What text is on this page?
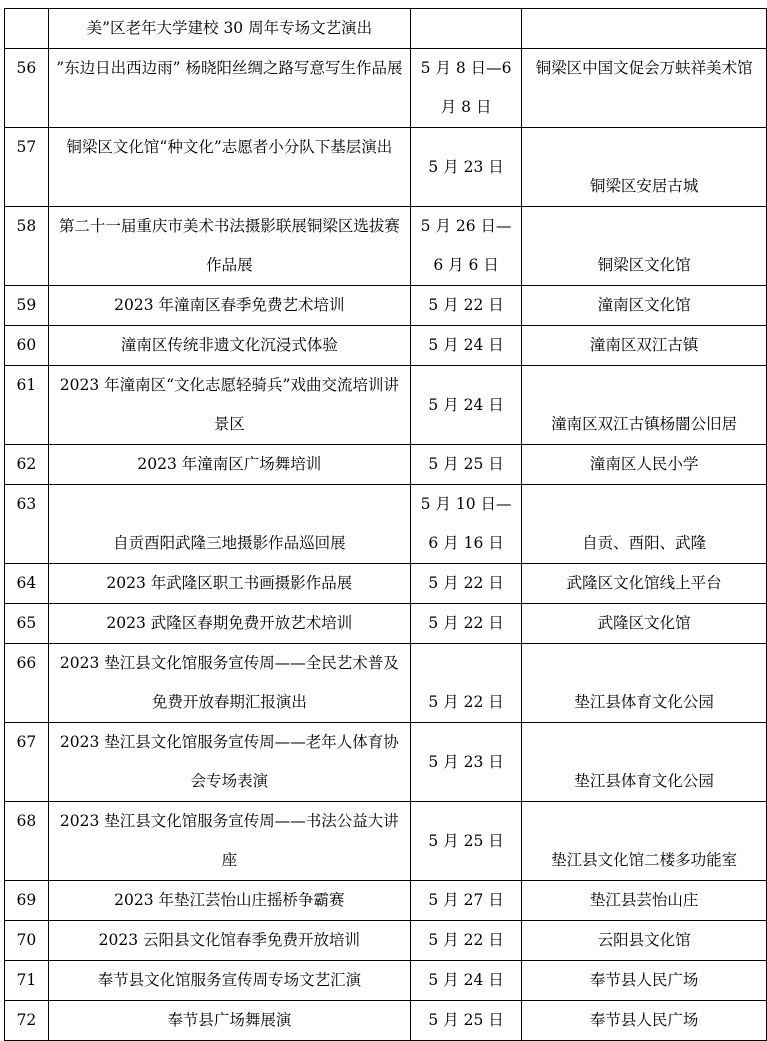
	美”区老年大学建校 30 周年专场文艺演出		
56	”东边日出西边雨” 杨晓阳丝绸之路写意写生作品展	5 月 8 日—6 月 8 日	铜梁区中国文促会万蚨祥美术馆
57	铜梁区文化馆“种文化”志愿者小分队下基层演出	5 月 23 日	铜梁区安居古城
58	第二十一届重庆市美术书法摄影联展铜梁区选拔赛作品展	5 月 26 日—6 月 6 日	铜梁区文化馆
59	2023 年潼南区春季免费艺术培训	5 月 22 日	潼南区文化馆
60	潼南区传统非遗文化沉浸式体验	5 月 24 日	潼南区双江古镇
61	2023 年潼南区“文化志愿轻骑兵”戏曲交流培训讲景区	5 月 24 日	潼南区双江古镇杨闇公旧居
62	2023 年潼南区广场舞培训	5 月 25 日	潼南区人民小学
63	自贡酉阳武隆三地摄影作品巡回展	5 月 10 日—6 月 16 日	自贡、酉阳、武隆
64	2023 年武隆区职工书画摄影作品展	5 月 22 日	武隆区文化馆线上平台
65	2023 武隆区春期免费开放艺术培训	5 月 22 日	武隆区文化馆
66	2023 垫江县文化馆服务宣传周——全民艺术普及免费开放春期汇报演出	5 月 22 日	垫江县体育文化公园
67	2023 垫江县文化馆服务宣传周——老年人体育协会专场表演	5 月 23 日	垫江县体育文化公园
68	2023 垫江县文化馆服务宣传周——书法公益大讲座	5 月 25 日	垫江县文化馆二楼多功能室
69	2023 年垫江芸怡山庄摇桥争霸赛	5 月 27 日	垫江县芸怡山庄
70	2023 云阳县文化馆春季免费开放培训	5 月 22 日	云阳县文化馆
71	奉节县文化馆服务宣传周专场文艺汇演	5 月 24 日	奉节县人民广场
72	奉节县广场舞展演	5 月 25 日	奉节县人民广场
